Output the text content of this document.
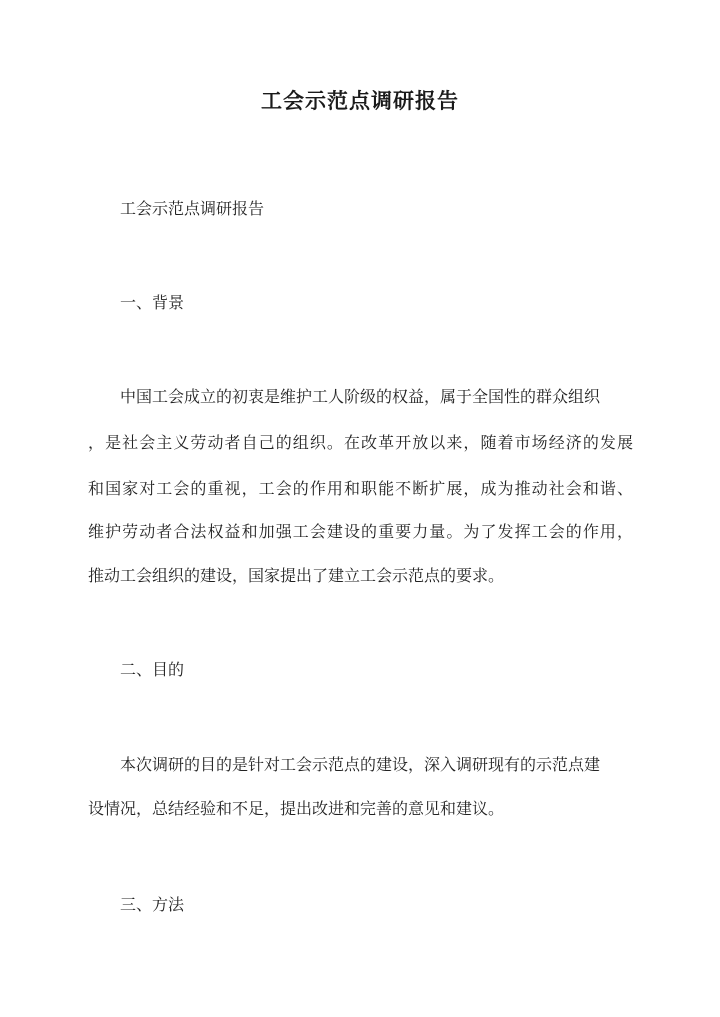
工会示范点调研报告
工会示范点调研报告
一、背景
中国工会成立的初衷是维护工人阶级的权益，属于全国性的群众组织
，是社会主义劳动者自己的组织。在改革开放以来，随着市场经济的发展
和国家对工会的重视，工会的作用和职能不断扩展，成为推动社会和谐、
维护劳动者合法权益和加强工会建设的重要力量。为了发挥工会的作用，
推动工会组织的建设，国家提出了建立工会示范点的要求。
二、目的
本次调研的目的是针对工会示范点的建设，深入调研现有的示范点建
设情况，总结经验和不足，提出改进和完善的意见和建议。
三、方法
